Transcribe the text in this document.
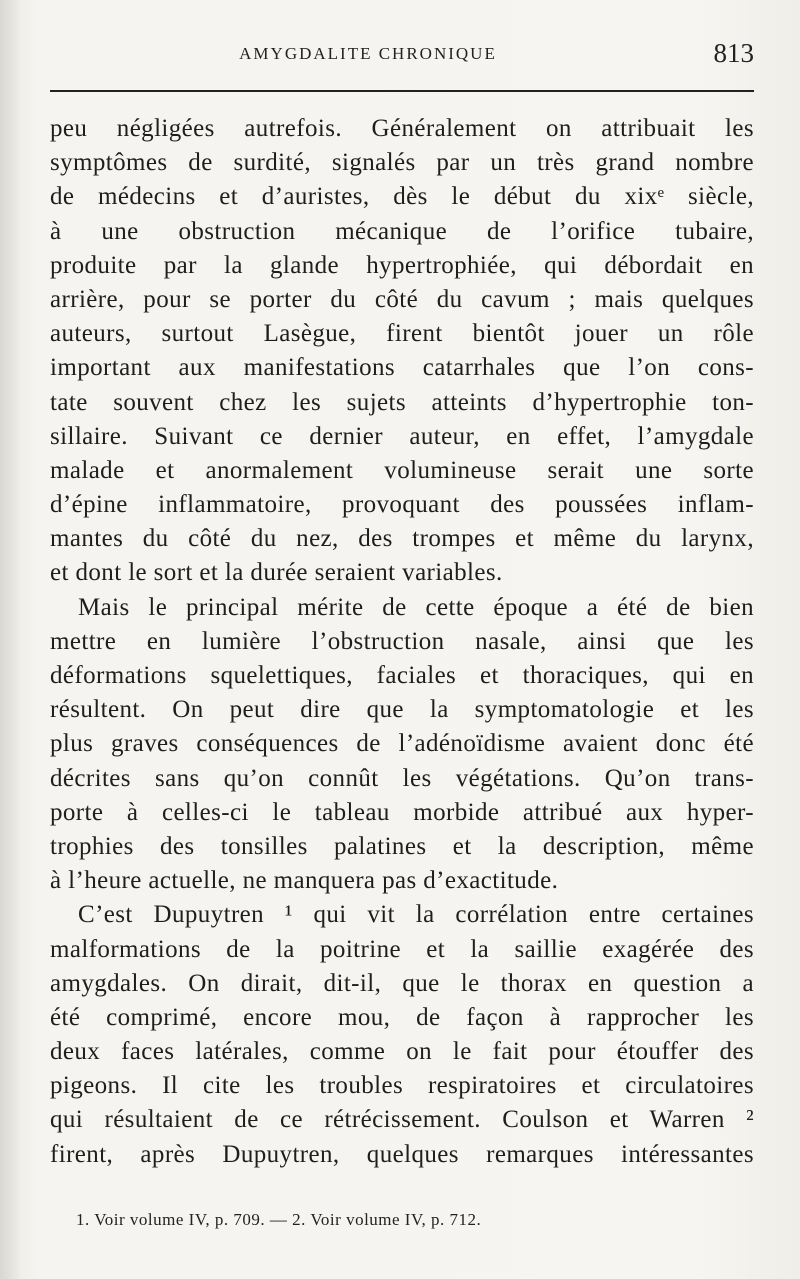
AMYGDALITE CHRONIQUE	813
peu négligées autrefois. Généralement on attribuait les
symptômes de surdité, signalés par un très grand nombre
de médecins et d’auristes, dès le début du xixᵉ siècle,
à une obstruction mécanique de l’orifice tubaire,
produite par la glande hypertrophiée, qui débordait en
arrière, pour se porter du côté du cavum ; mais quelques
auteurs, surtout Lasègue, firent bientôt jouer un rôle
important aux manifestations catarrhales que l’on cons-
tate souvent chez les sujets atteints d’hypertrophie ton-
sillaire. Suivant ce dernier auteur, en effet, l’amygdale
malade et anormalement volumineuse serait une sorte
d’épine inflammatoire, provoquant des poussées inflam-
mantes du côté du nez, des trompes et même du larynx,
et dont le sort et la durée seraient variables.
Mais le principal mérite de cette époque a été de bien
mettre en lumière l’obstruction nasale, ainsi que les
déformations squelettiques, faciales et thoraciques, qui en
résultent. On peut dire que la symptomatologie et les
plus graves conséquences de l’adénoïdisme avaient donc été
décrites sans qu’on connût les végétations. Qu’on trans-
porte à celles-ci le tableau morbide attribué aux hyper-
trophies des tonsilles palatines et la description, même
à l’heure actuelle, ne manquera pas d’exactitude.
C’est Dupuytren ¹ qui vit la corrélation entre certaines
malformations de la poitrine et la saillie exagérée des
amygdales. On dirait, dit-il, que le thorax en question a
été comprimé, encore mou, de façon à rapprocher les
deux faces latérales, comme on le fait pour étouffer des
pigeons. Il cite les troubles respiratoires et circulatoires
qui résultaient de ce rétrécissement. Coulson et Warren ²
firent, après Dupuytren, quelques remarques intéressantes
1. Voir volume IV, p. 709. — 2. Voir volume IV, p. 712.
